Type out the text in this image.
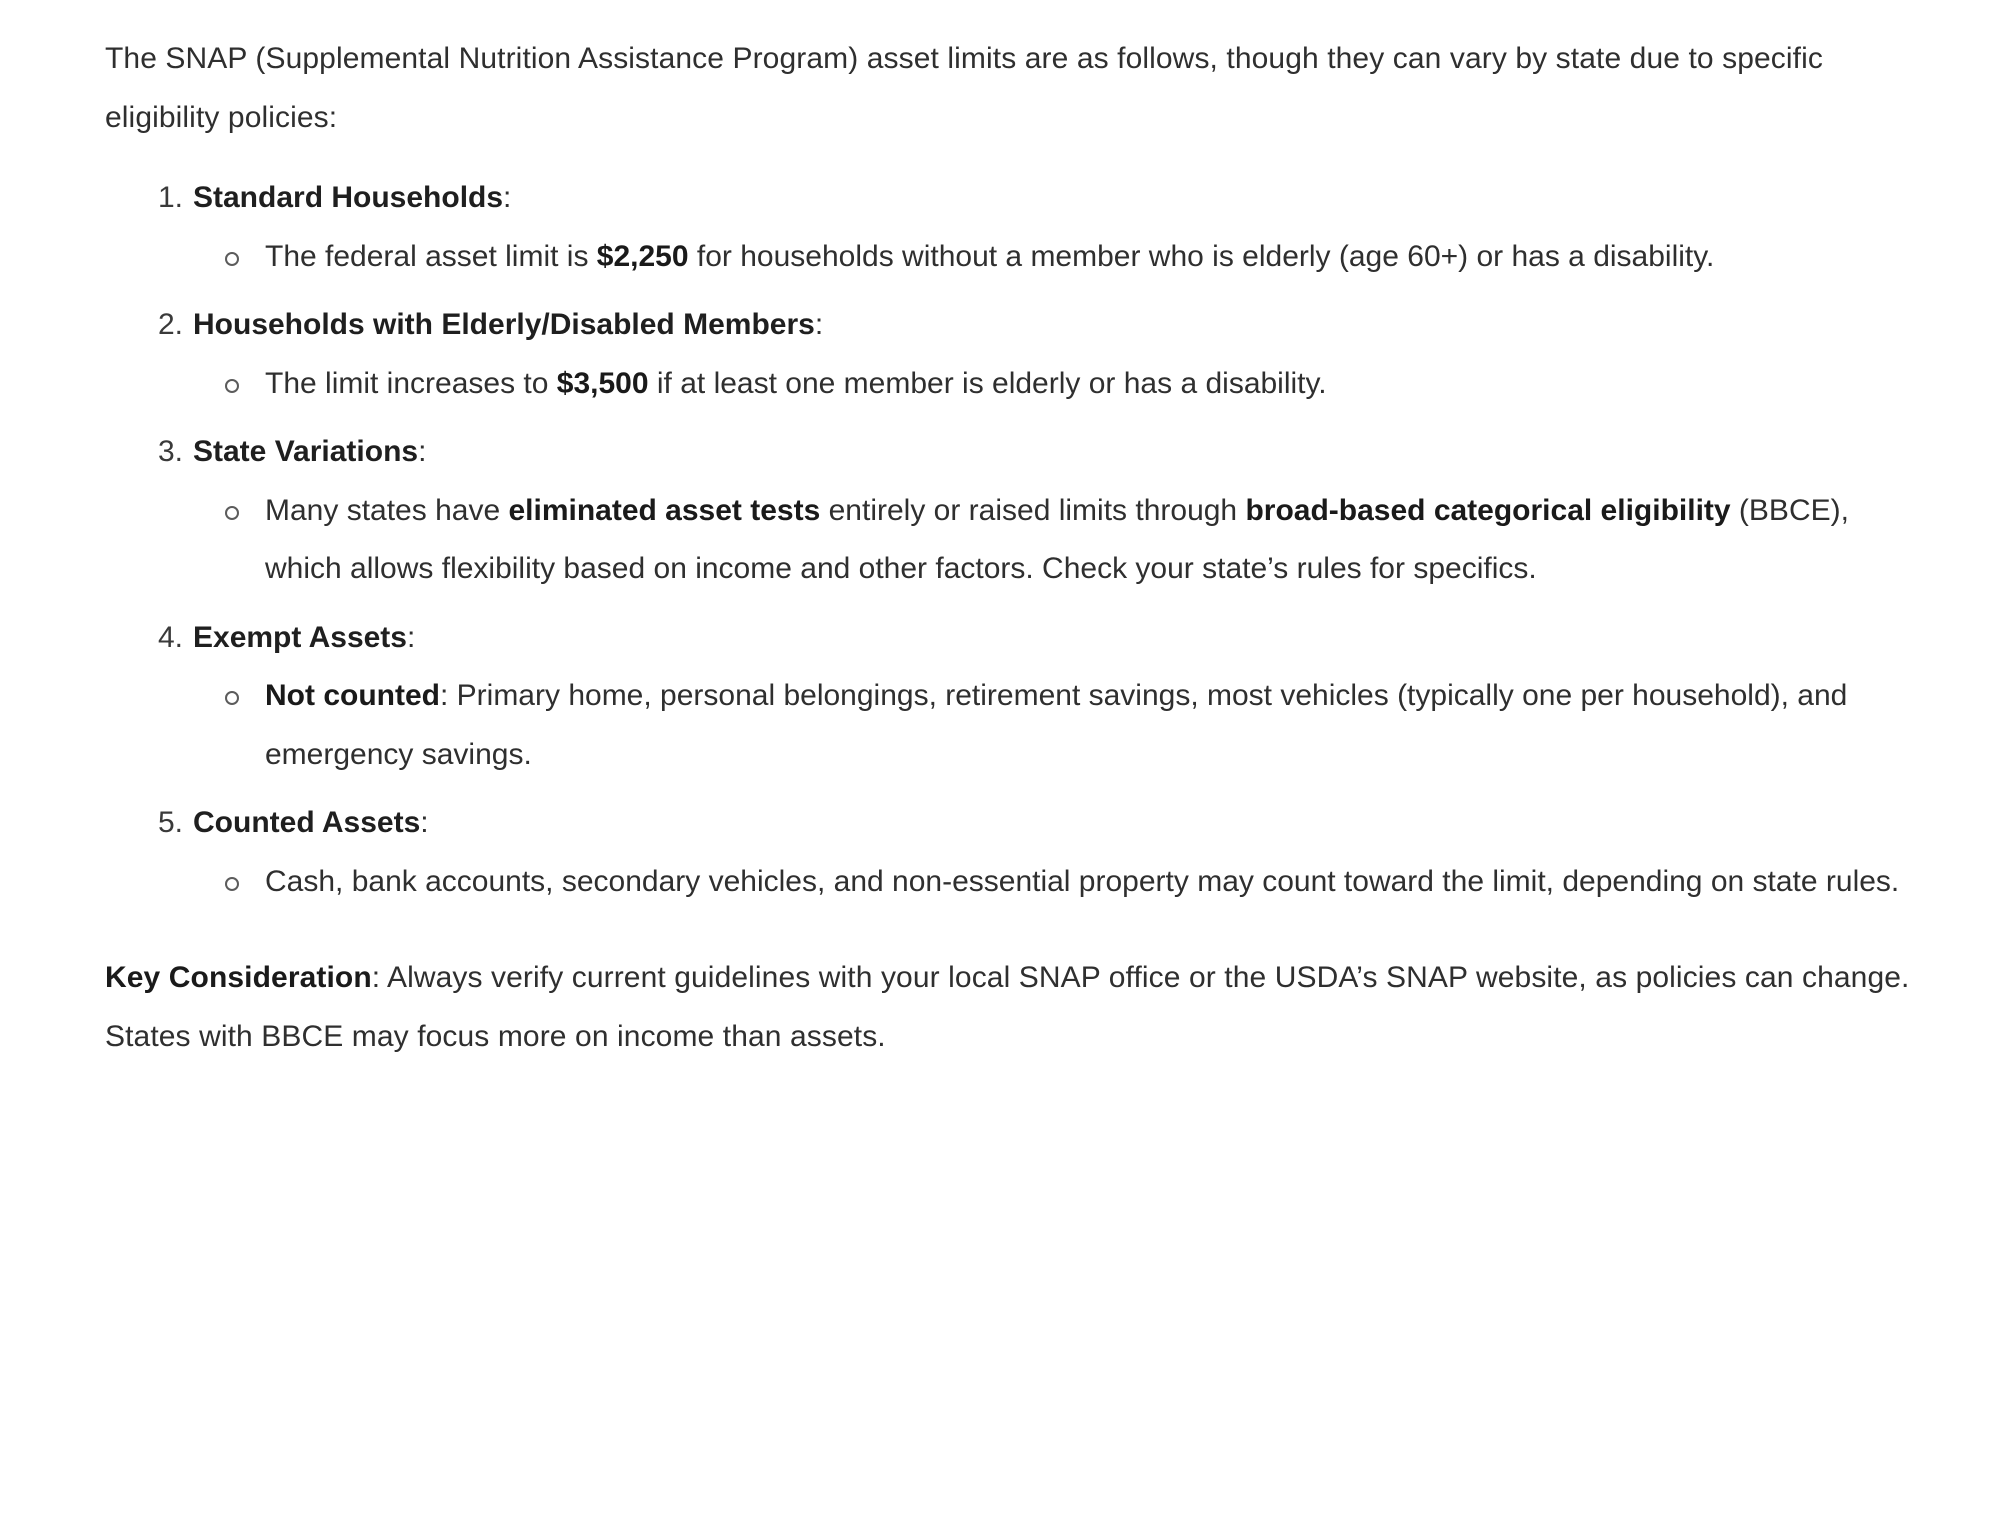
The SNAP (Supplemental Nutrition Assistance Program) asset limits are as follows, though they can vary by state due to specific eligibility policies:

1. Standard Households:
The federal asset limit is $2,250 for households without a member who is elderly (age 60+) or has a disability.
2. Households with Elderly/Disabled Members:
The limit increases to $3,500 if at least one member is elderly or has a disability.
3. State Variations:
Many states have eliminated asset tests entirely or raised limits through broad-based categorical eligibility (BBCE), which allows flexibility based on income and other factors. Check your state’s rules for specifics.
4. Exempt Assets:
Not counted: Primary home, personal belongings, retirement savings, most vehicles (typically one per household), and emergency savings.
5. Counted Assets:
Cash, bank accounts, secondary vehicles, and non-essential property may count toward the limit, depending on state rules.

Key Consideration: Always verify current guidelines with your local SNAP office or the USDA’s SNAP website, as policies can change. States with BBCE may focus more on income than assets.
